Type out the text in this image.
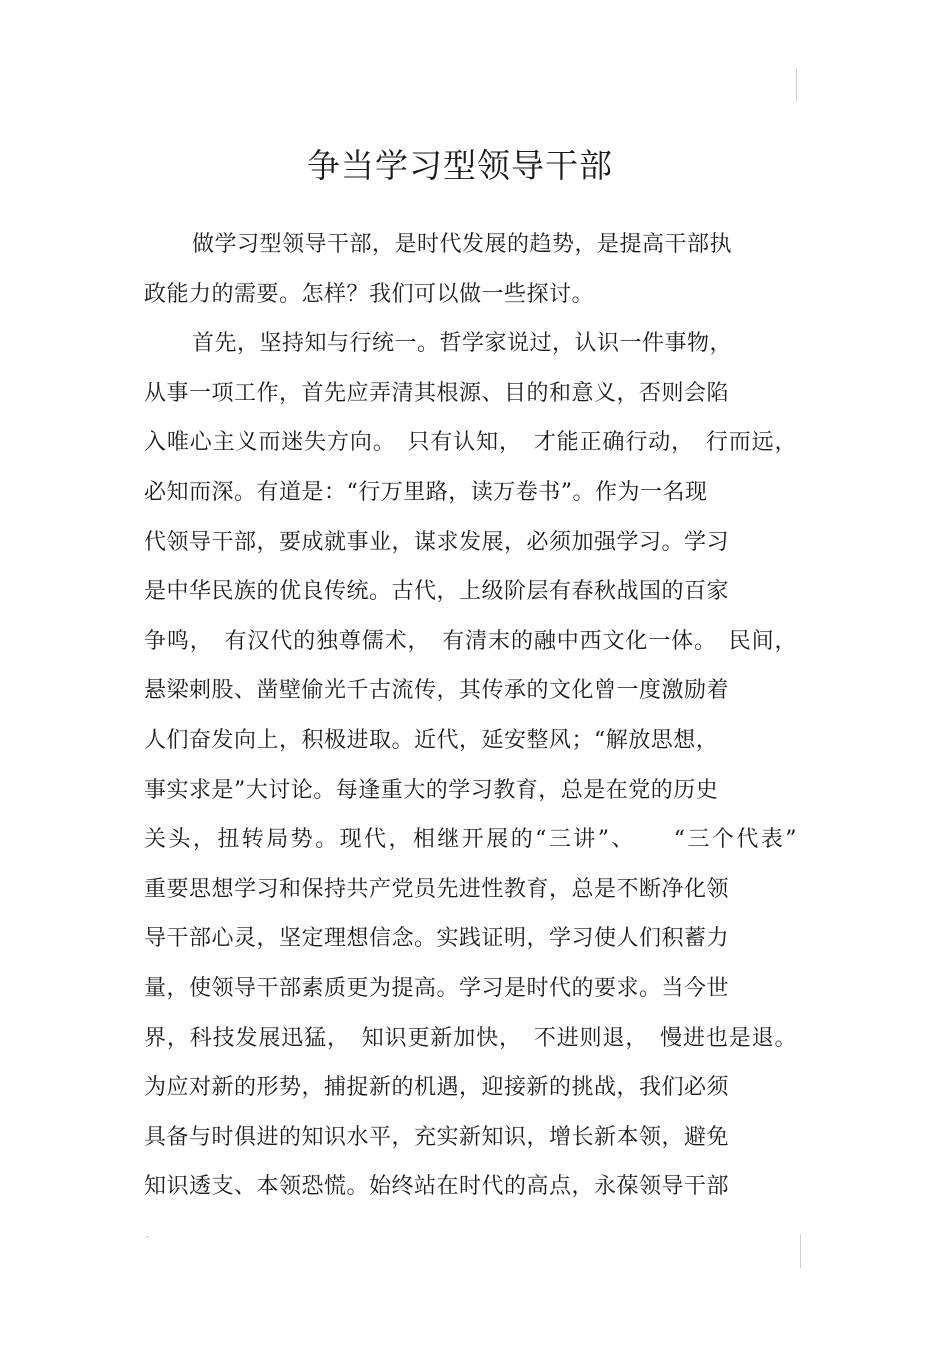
争当学习型领导干部
做学习型领导干部，是时代发展的趋势，是提高干部执
政能力的需要。怎样？我们可以做一些探讨。
首先，坚持知与行统一。哲学家说过，认识一件事物，
从事一项工作，首先应弄清其根源、目的和意义，否则会陷
入唯心主义而迷失方向。　只有认知，　才能正确行动，　行而远，
必知而深。有道是：“行万里路，读万卷书”。作为一名现
代领导干部，要成就事业，谋求发展，必须加强学习。学习
是中华民族的优良传统。古代，上级阶层有春秋战国的百家
争鸣，　有汉代的独尊儒术，　有清末的融中西文化一体。　民间，
悬梁刺股、凿壁偷光千古流传，其传承的文化曾一度激励着
人们奋发向上，积极进取。近代，延安整风；“解放思想，
事实求是”大讨论。每逢重大的学习教育，总是在党的历史
关头，扭转局势。现代，相继开展的“三讲”、　　“三个代表”
重要思想学习和保持共产党员先进性教育，总是不断净化领
导干部心灵，坚定理想信念。实践证明，学习使人们积蓄力
量，使领导干部素质更为提高。学习是时代的要求。当今世
界，科技发展迅猛，　知识更新加快，　不进则退，　慢进也是退。
为应对新的形势，捕捉新的机遇，迎接新的挑战，我们必须
具备与时俱进的知识水平，充实新知识，增长新本领，避免
知识透支、本领恐慌。始终站在时代的高点，永葆领导干部
